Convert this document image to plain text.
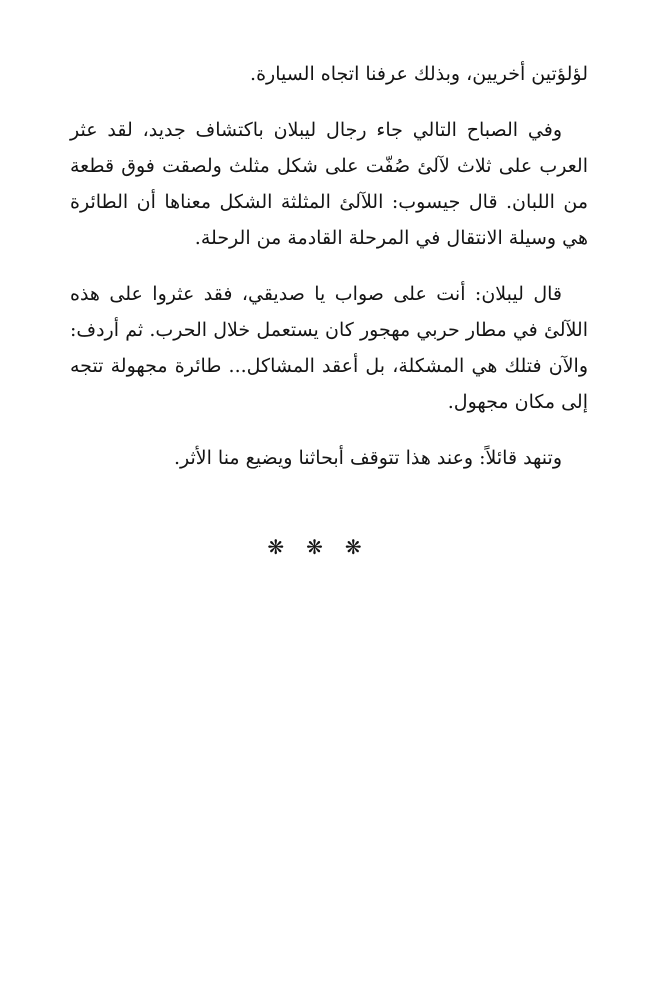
لؤلؤتين أخريين، وبذلك عرفنا اتجاه السيارة.

وفي الصباح التالي جاء رجال ليبلان باكتشاف جديد، لقد عثر العرب على ثلاث لآلئ صُفّت على شكل مثلث ولصقت فوق قطعة من اللبان. قال جيسوب: اللآلئ المثلثة الشكل معناها أن الطائرة هي وسيلة الانتقال في المرحلة القادمة من الرحلة.

قال ليبلان: أنت على صواب يا صديقي، فقد عثروا على هذه اللآلئ في مطار حربي مهجور كان يستعمل خلال الحرب. ثم أردف: والآن فتلك هي المشكلة، بل أعقد المشاكل... طائرة مجهولة تتجه إلى مكان مجهول.

وتنهد قائلاً: وعند هذا تتوقف أبحاثنا ويضيع منا الأثر.

❋❋❋
